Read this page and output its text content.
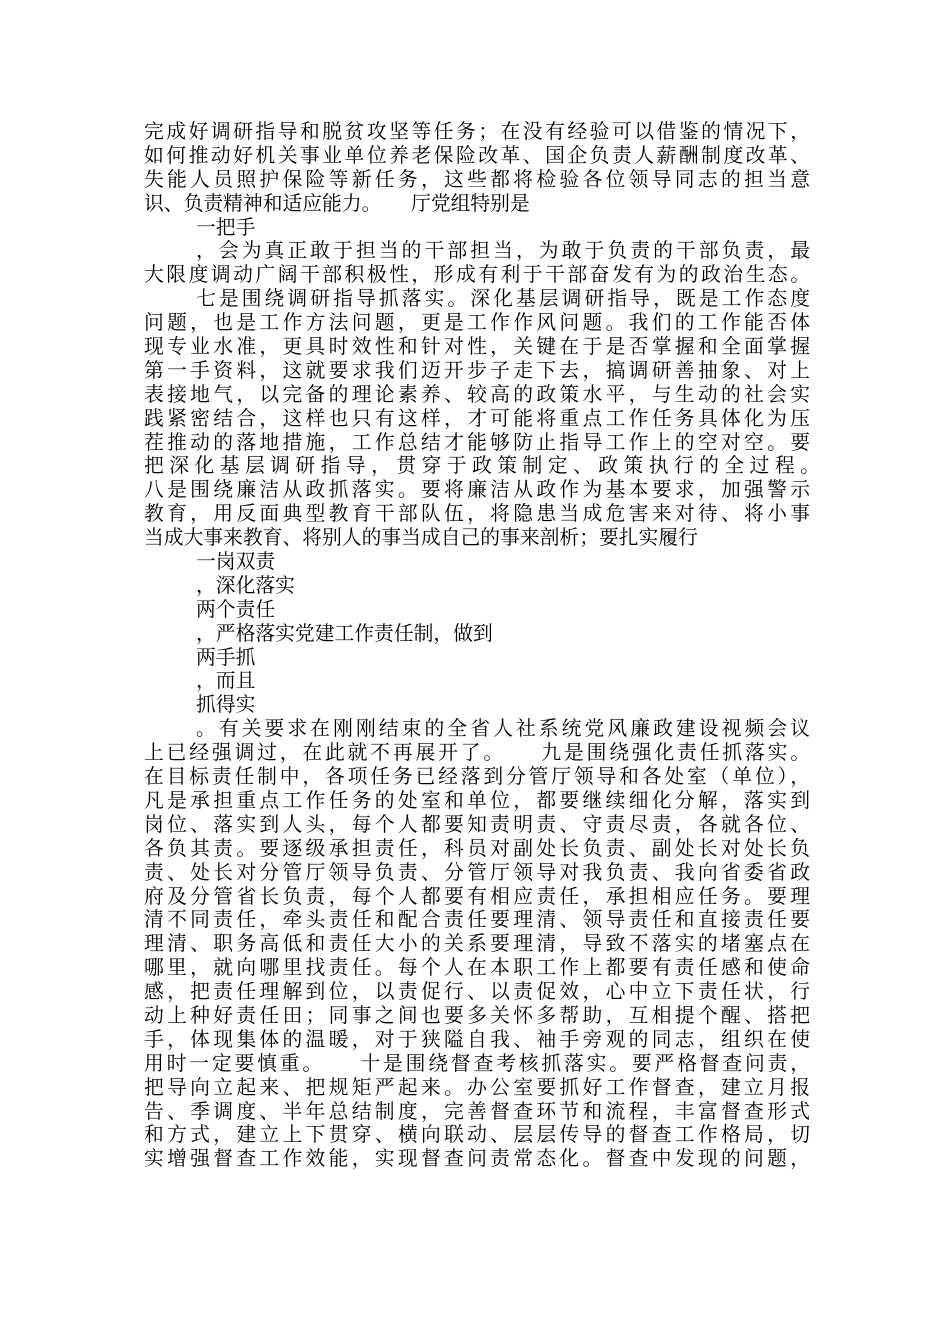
完成好调研指导和脱贫攻坚等任务；在没有经验可以借鉴的情况下，
如何推动好机关事业单位养老保险改革、国企负责人薪酬制度改革、
失能人员照护保险等新任务，这些都将检验各位领导同志的担当意
识、负责精神和适应能力。　　厅党组特别是
一把手
，会为真正敢于担当的干部担当，为敢于负责的干部负责，最
大限度调动广阔干部积极性，形成有利于干部奋发有为的政治生态。
七是围绕调研指导抓落实。深化基层调研指导，既是工作态度
问题，也是工作方法问题，更是工作作风问题。我们的工作能否体
现专业水准，更具时效性和针对性，关键在于是否掌握和全面掌握
第一手资料，这就要求我们迈开步子走下去，搞调研善抽象、对上
表接地气，以完备的理论素养、较高的政策水平，与生动的社会实
践紧密结合，这样也只有这样，才可能将重点工作任务具体化为压
茬推动的落地措施，工作总结才能够防止指导工作上的空对空。要
把深化基层调研指导，贯穿于政策制定、政策执行的全过程。　　
八是围绕廉洁从政抓落实。要将廉洁从政作为基本要求，加强警示
教育，用反面典型教育干部队伍，将隐患当成危害来对待、将小事
当成大事来教育、将别人的事当成自己的事来剖析；要扎实履行
一岗双责
，深化落实
两个责任
，严格落实党建工作责任制，做到
两手抓
，而且
抓得实
。有关要求在刚刚结束的全省人社系统党风廉政建设视频会议
上已经强调过，在此就不再展开了。　　九是围绕强化责任抓落实。
在目标责任制中，各项任务已经落到分管厅领导和各处室（单位），
凡是承担重点工作任务的处室和单位，都要继续细化分解，落实到
岗位、落实到人头，每个人都要知责明责、守责尽责，各就各位、
各负其责。要逐级承担责任，科员对副处长负责、副处长对处长负
责、处长对分管厅领导负责、分管厅领导对我负责、我向省委省政
府及分管省长负责，每个人都要有相应责任，承担相应任务。要理
清不同责任，牵头责任和配合责任要理清、领导责任和直接责任要
理清、职务高低和责任大小的关系要理清，导致不落实的堵塞点在
哪里，就向哪里找责任。每个人在本职工作上都要有责任感和使命
感，把责任理解到位，以责促行、以责促效，心中立下责任状，行
动上种好责任田；同事之间也要多关怀多帮助，互相提个醒、搭把
手，体现集体的温暖，对于狭隘自我、袖手旁观的同志，组织在使
用时一定要慎重。　　十是围绕督查考核抓落实。要严格督查问责，
把导向立起来、把规矩严起来。办公室要抓好工作督查，建立月报
告、季调度、半年总结制度，完善督查环节和流程，丰富督查形式
和方式，建立上下贯穿、横向联动、层层传导的督查工作格局，切
实增强督查工作效能，实现督查问责常态化。督查中发现的问题，
